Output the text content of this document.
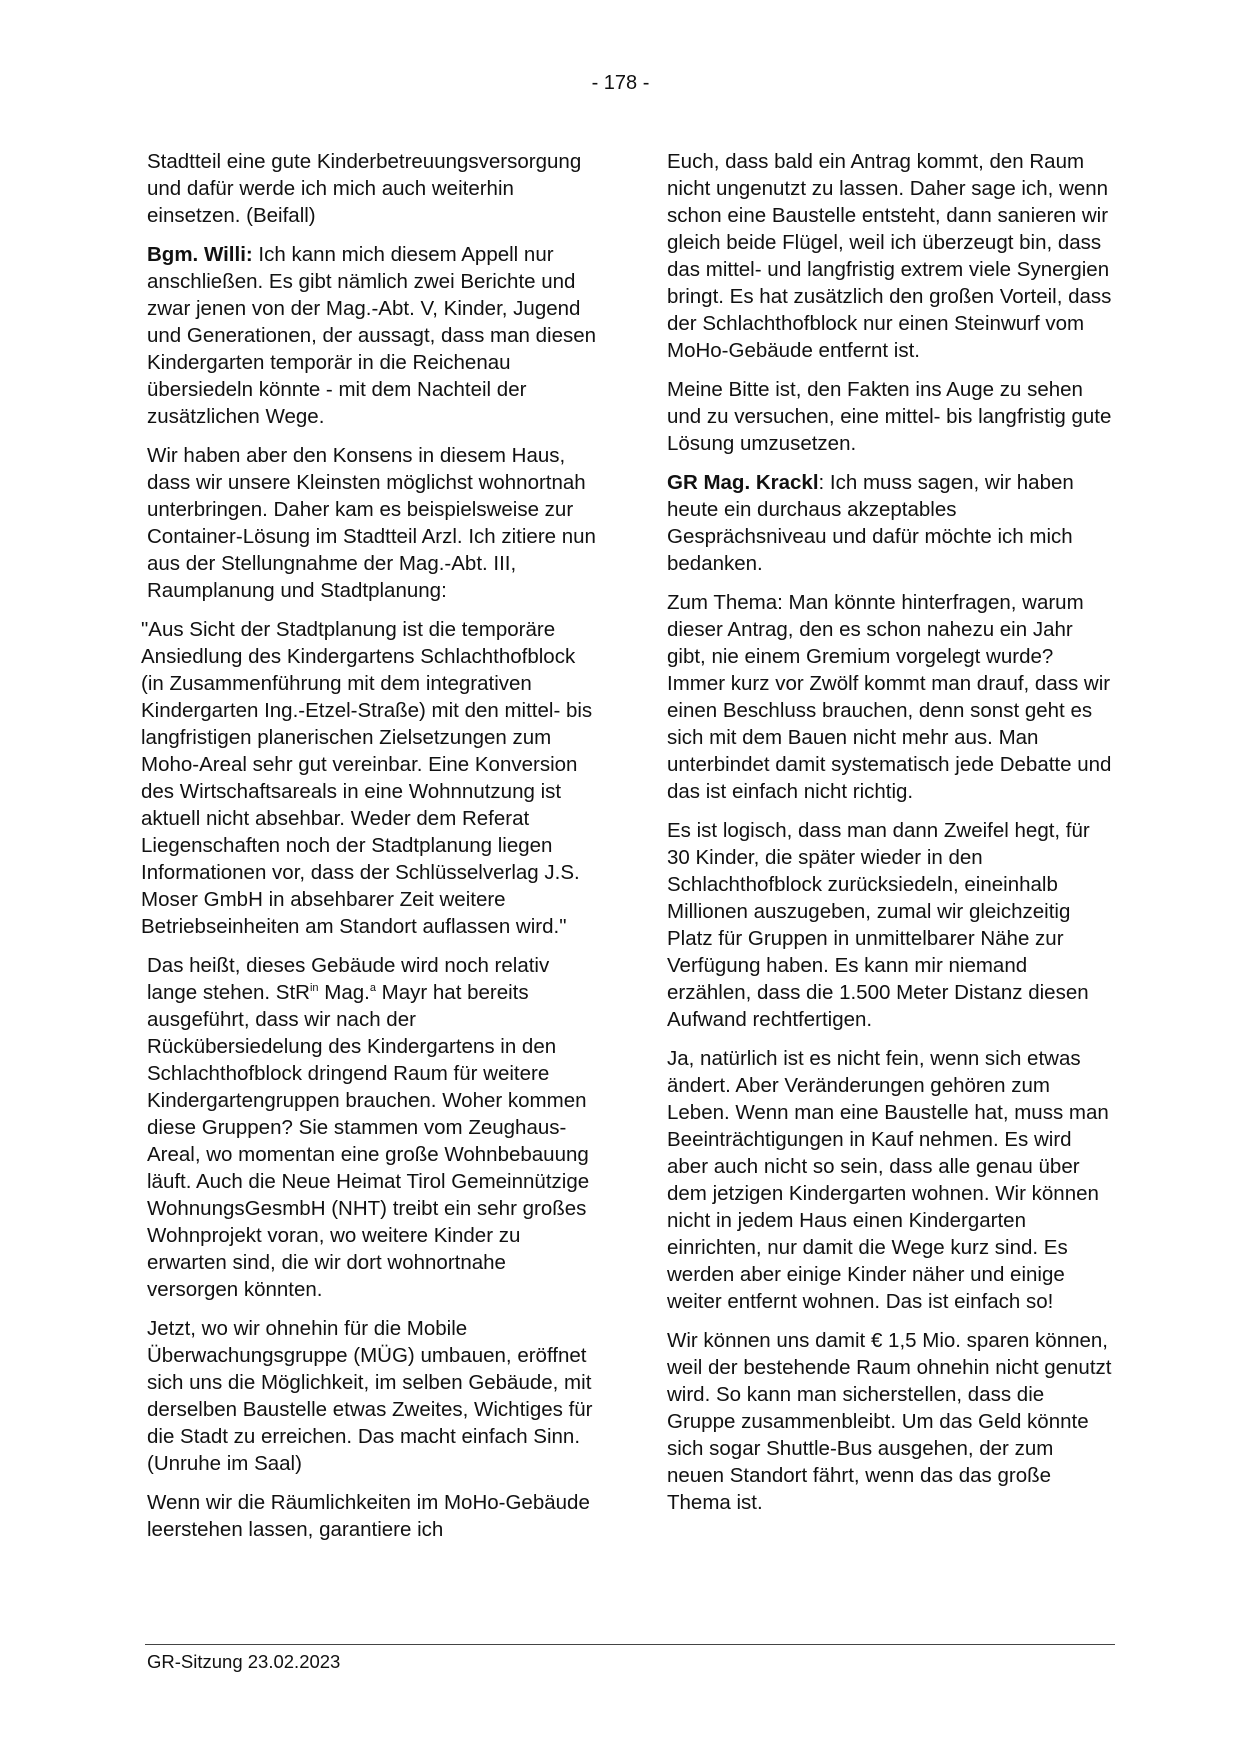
- 178 -

Stadtteil eine gute Kinderbetreuungsversorgung und dafür werde ich mich auch weiterhin einsetzen. (Beifall)

Bgm. Willi: Ich kann mich diesem Appell nur anschließen. Es gibt nämlich zwei Berichte und zwar jenen von der Mag.-Abt. V, Kinder, Jugend und Generationen, der aussagt, dass man diesen Kindergarten temporär in die Reichenau übersiedeln könnte - mit dem Nachteil der zusätzlichen Wege.

Wir haben aber den Konsens in diesem Haus, dass wir unsere Kleinsten möglichst wohnortnah unterbringen. Daher kam es beispielsweise zur Container-Lösung im Stadtteil Arzl. Ich zitiere nun aus der Stellungnahme der Mag.-Abt. III, Raumplanung und Stadtplanung:

"Aus Sicht der Stadtplanung ist die temporäre Ansiedlung des Kindergartens Schlachthofblock (in Zusammenführung mit dem integrativen Kindergarten Ing.-Etzel-Straße) mit den mittel- bis langfristigen planerischen Zielsetzungen zum Moho-Areal sehr gut vereinbar. Eine Konversion des Wirtschaftsareals in eine Wohnnutzung ist aktuell nicht absehbar. Weder dem Referat Liegenschaften noch der Stadtplanung liegen Informationen vor, dass der Schlüsselverlag J.S. Moser GmbH in absehbarer Zeit weitere Betriebseinheiten am Standort auflassen wird."

Das heißt, dieses Gebäude wird noch relativ lange stehen. StR$^{in}$ Mag.$^a$ Mayr hat bereits ausgeführt, dass wir nach der Rückübersiedelung des Kindergartens in den Schlachthofblock dringend Raum für weitere Kindergartengruppen brauchen. Woher kommen diese Gruppen? Sie stammen vom Zeughaus-Areal, wo momentan eine große Wohnbebauung läuft. Auch die Neue Heimat Tirol Gemeinnützige WohnungsGesmbH (NHT) treibt ein sehr großes Wohnprojekt voran, wo weitere Kinder zu erwarten sind, die wir dort wohnortnahe versorgen könnten.

Jetzt, wo wir ohnehin für die Mobile Überwachungsgruppe (MÜG) umbauen, eröffnet sich uns die Möglichkeit, im selben Gebäude, mit derselben Baustelle etwas Zweites, Wichtiges für die Stadt zu erreichen. Das macht einfach Sinn. (Unruhe im Saal)

Wenn wir die Räumlichkeiten im MoHo-Gebäude leerstehen lassen, garantiere ich

Euch, dass bald ein Antrag kommt, den Raum nicht ungenutzt zu lassen. Daher sage ich, wenn schon eine Baustelle entsteht, dann sanieren wir gleich beide Flügel, weil ich überzeugt bin, dass das mittel- und langfristig extrem viele Synergien bringt. Es hat zusätzlich den großen Vorteil, dass der Schlachthofblock nur einen Steinwurf vom MoHo-Gebäude entfernt ist.

Meine Bitte ist, den Fakten ins Auge zu sehen und zu versuchen, eine mittel- bis langfristig gute Lösung umzusetzen.

GR Mag. Krackl: Ich muss sagen, wir haben heute ein durchaus akzeptables Gesprächsniveau und dafür möchte ich mich bedanken.

Zum Thema: Man könnte hinterfragen, warum dieser Antrag, den es schon nahezu ein Jahr gibt, nie einem Gremium vorgelegt wurde? Immer kurz vor Zwölf kommt man drauf, dass wir einen Beschluss brauchen, denn sonst geht es sich mit dem Bauen nicht mehr aus. Man unterbindet damit systematisch jede Debatte und das ist einfach nicht richtig.

Es ist logisch, dass man dann Zweifel hegt, für 30 Kinder, die später wieder in den Schlachthofblock zurücksiedeln, eineinhalb Millionen auszugeben, zumal wir gleichzeitig Platz für Gruppen in unmittelbarer Nähe zur Verfügung haben. Es kann mir niemand erzählen, dass die 1.500 Meter Distanz diesen Aufwand rechtfertigen.

Ja, natürlich ist es nicht fein, wenn sich etwas ändert. Aber Veränderungen gehören zum Leben. Wenn man eine Baustelle hat, muss man Beeinträchtigungen in Kauf nehmen. Es wird aber auch nicht so sein, dass alle genau über dem jetzigen Kindergarten wohnen. Wir können nicht in jedem Haus einen Kindergarten einrichten, nur damit die Wege kurz sind. Es werden aber einige Kinder näher und einige weiter entfernt wohnen. Das ist einfach so!

Wir können uns damit € 1,5 Mio. sparen können, weil der bestehende Raum ohnehin nicht genutzt wird. So kann man sicherstellen, dass die Gruppe zusammenbleibt. Um das Geld könnte sich sogar Shuttle-Bus ausgehen, der zum neuen Standort fährt, wenn das das große Thema ist.

GR-Sitzung 23.02.2023
